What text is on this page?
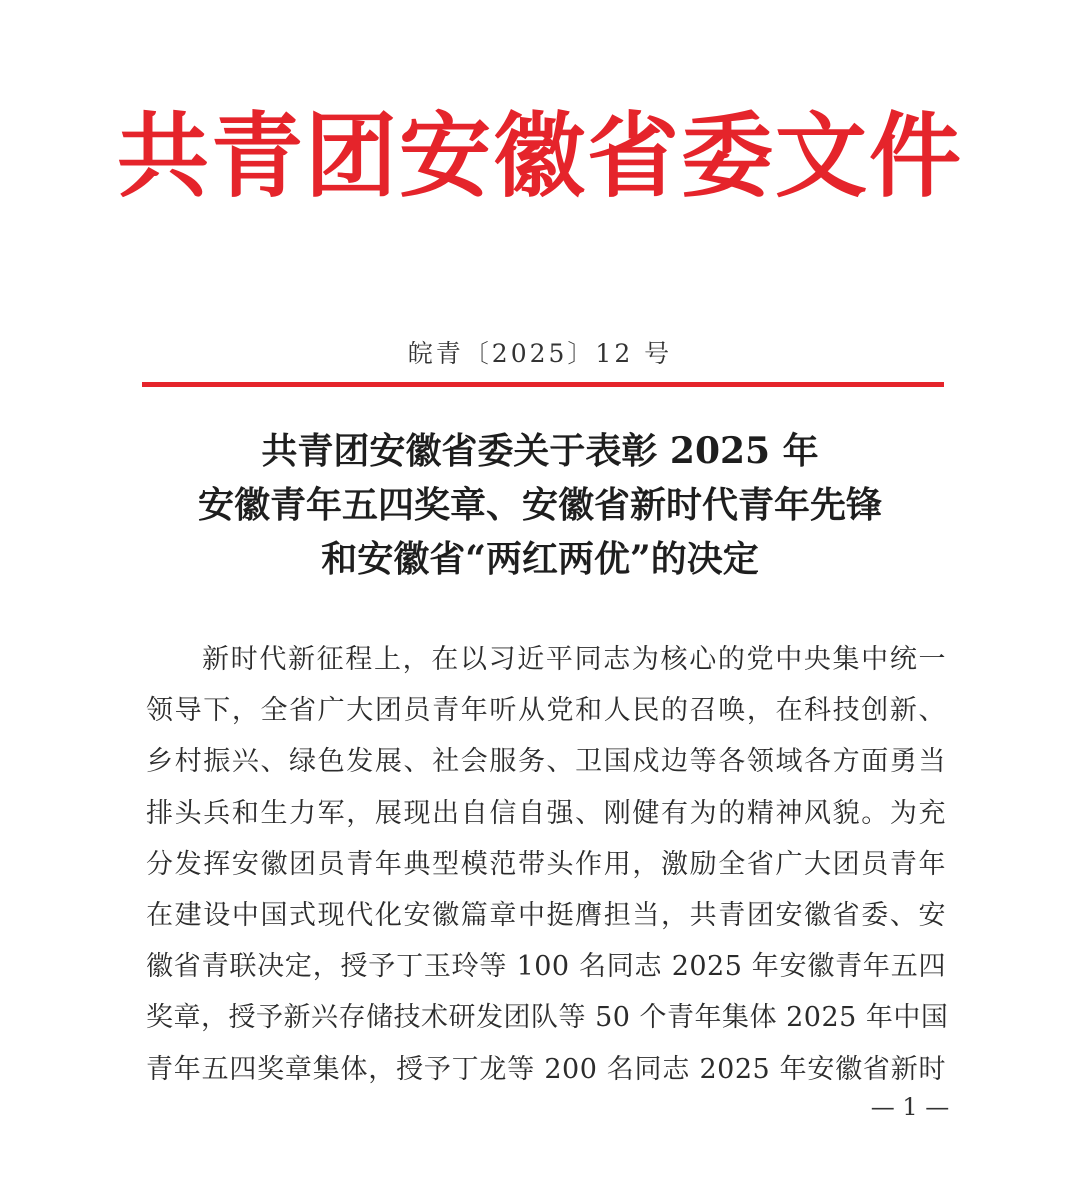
共青团安徽省委文件
皖青〔2025〕12 号
共青团安徽省委关于表彰 2025 年
安徽青年五四奖章、安徽省新时代青年先锋
和安徽省“两红两优”的决定
新时代新征程上，在以习近平同志为核心的党中央集中统一
领导下，全省广大团员青年听从党和人民的召唤，在科技创新、
乡村振兴、绿色发展、社会服务、卫国戍边等各领域各方面勇当
排头兵和生力军，展现出自信自强、刚健有为的精神风貌。为充
分发挥安徽团员青年典型模范带头作用，激励全省广大团员青年
在建设中国式现代化安徽篇章中挺膺担当，共青团安徽省委、安
徽省青联决定，授予丁玉玲等 100 名同志 2025 年安徽青年五四
奖章，授予新兴存储技术研发团队等 50 个青年集体 2025 年中国
青年五四奖章集体，授予丁龙等 200 名同志 2025 年安徽省新时
— 1 —
